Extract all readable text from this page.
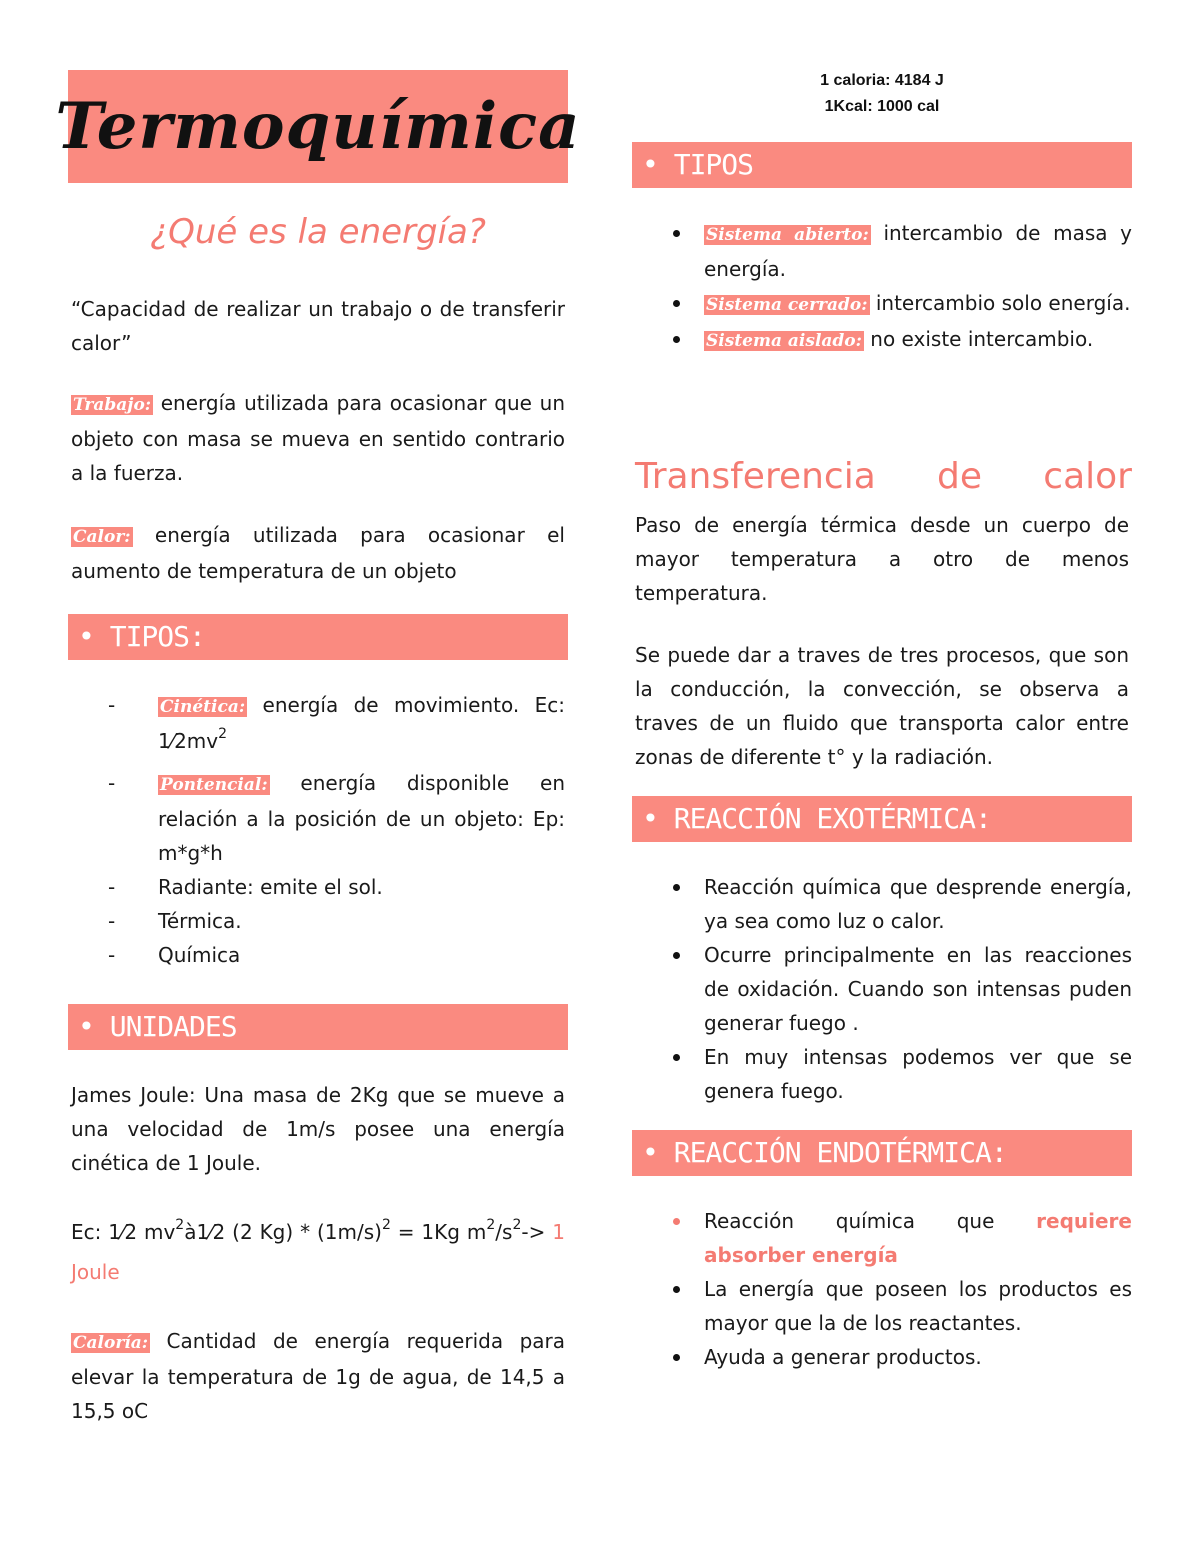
Termoquímica
¿Qué es la energía?

“Capacidad de realizar un trabajo o de transferir calor”

Trabajo: energía utilizada para ocasionar que un objeto con masa se mueva en sentido contrario a la fuerza.

Calor: energía utilizada para ocasionar el aumento de temperatura de un objeto

• TIPOS:
-	Cinética: energía de movimiento. Ec: $1⁄2mv^2$
-	Pontencial: energía disponible en relación a la posición de un objeto: Ep: m*g*h
- Radiante: emite el sol.
- Térmica.
- Química
• UNIDADES

James Joule: Una masa de 2Kg que se mueve a una velocidad de 1m/s posee una energía cinética de 1 Joule.

Ec: 1⁄2 $mv^2à1⁄2$ (2 $Kg) * (1m/s)^2 = 1Kg$ $m^2/s^2-> 1$ Joule

Caloría: Cantidad de energía requerida para elevar la temperatura de 1g de agua, de 14,5 a 15,5 oC

1 caloria: 4184 J
1Kcal: 1000 cal
• TIPOS
Sistema abierto: intercambio de masa y energía.
Sistema cerrado: intercambio solo energía.
Sistema aislado: no existe intercambio.
Transferencia de calor

Paso de energía térmica desde un cuerpo de mayor temperatura a otro de menos temperatura.

Se puede dar a traves de tres procesos, que son la conducción, la convección, se observa a traves de un fluido que transporta calor entre zonas de diferente t° y la radiación.

• REACCIÓN EXOTÉRMICA:
Reacción química que desprende energía, ya sea como luz o calor.
Ocurre principalmente en las reacciones de oxidación. Cuando son intensas puden generar fuego .
En muy intensas podemos ver que se genera fuego.
• REACCIÓN ENDOTÉRMICA:
Reacción química que requiere absorber energía
La energía que poseen los productos es mayor que la de los reactantes.
Ayuda a generar productos.
